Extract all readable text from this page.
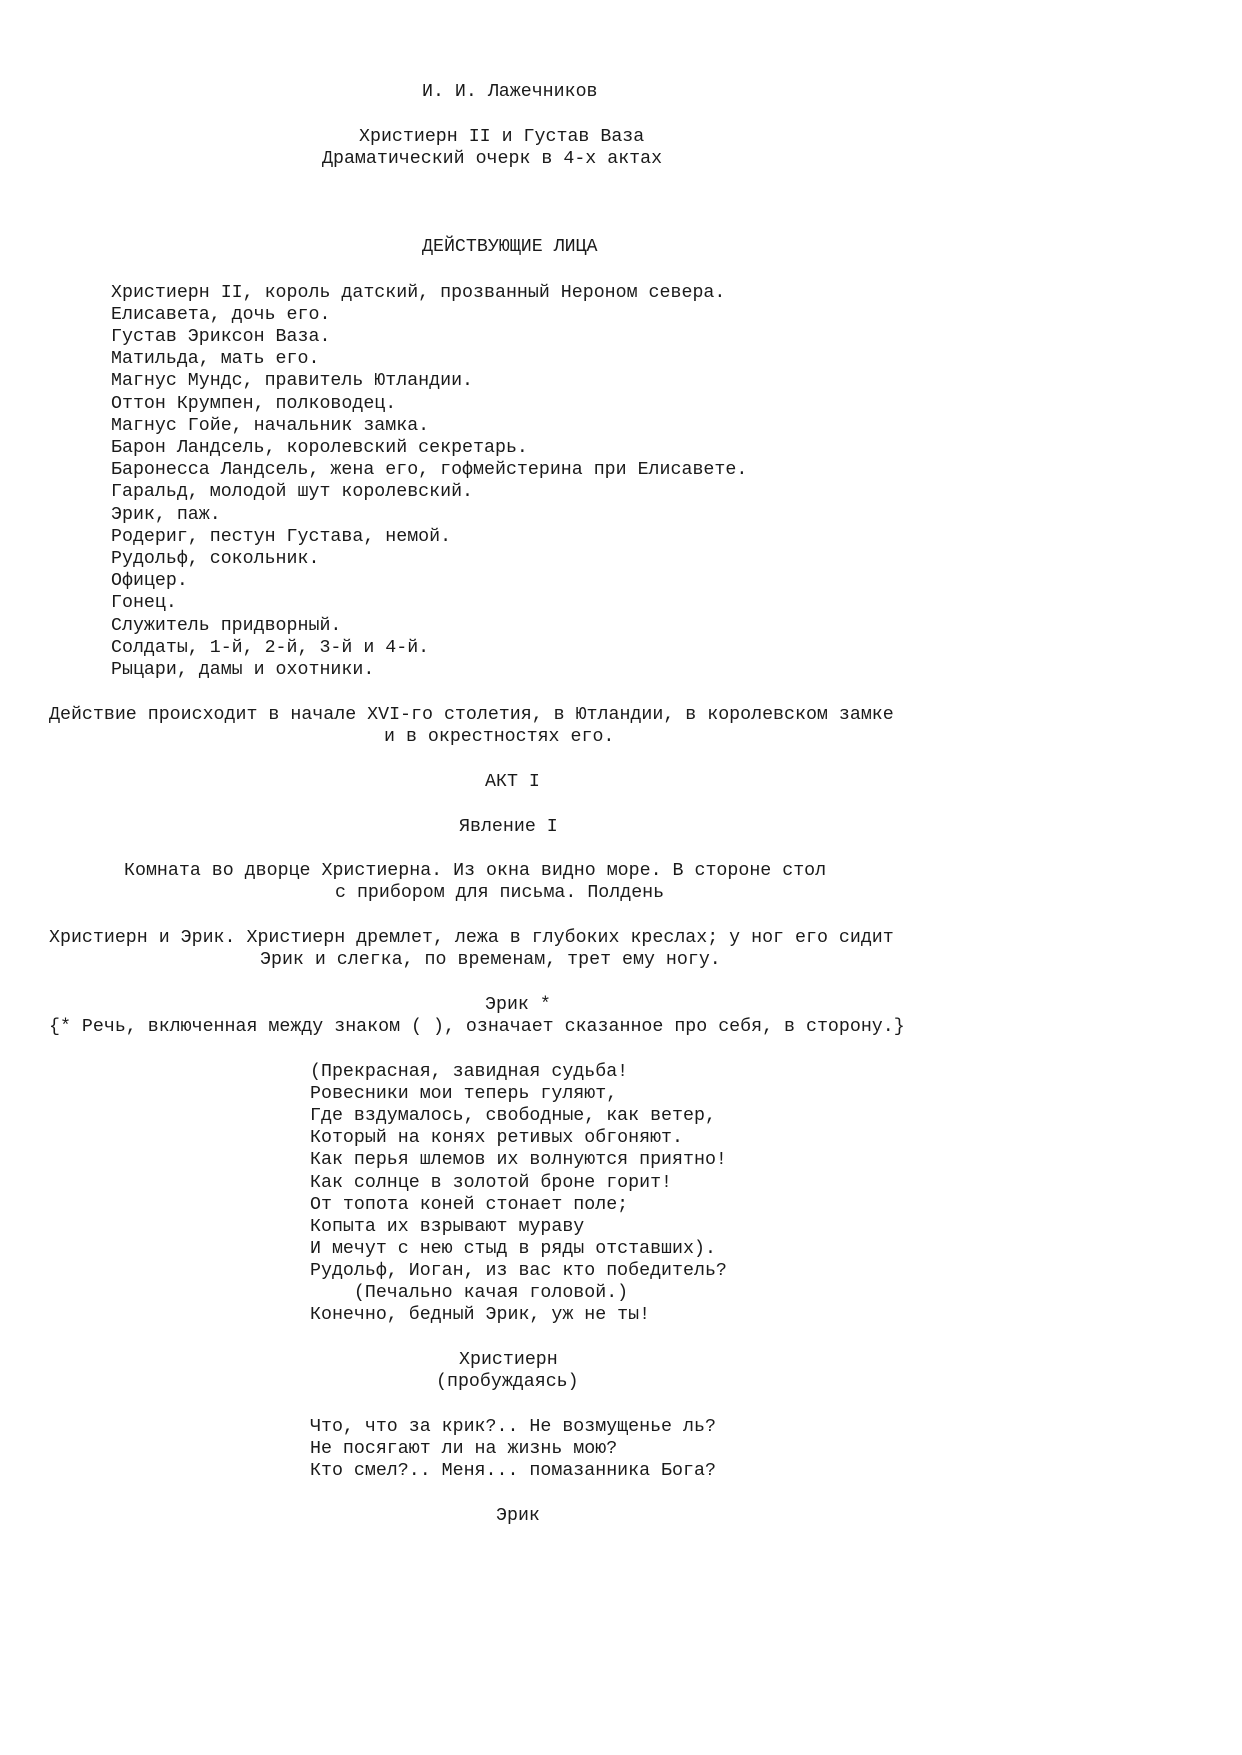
И. И. Лажечников
Христиерн II и Густав Ваза
Драматический очерк в 4-х актах
ДЕЙСТВУЮЩИЕ ЛИЦА
Христиерн II, король датский, прозванный Нероном севера.
Елисавета, дочь его.
Густав Эриксон Ваза.
Матильда, мать его.
Магнус Мундс, правитель Ютландии.
Оттон Крумпен, полководец.
Магнус Гойе, начальник замка.
Барон Ландсель, королевский секретарь.
Баронесса Ландсель, жена его, гофмейстерина при Елисавете.
Гаральд, молодой шут королевский.
Эрик, паж.
Родериг, пестун Густава, немой.
Рудольф, сокольник.
Офицер.
Гонец.
Служитель придворный.
Солдаты, 1-й, 2-й, 3-й и 4-й.
Рыцари, дамы и охотники.
Действие происходит в начале XVI-го столетия, в Ютландии, в королевском замке
и в окрестностях его.
АКТ I
Явление I
Комната во дворце Христиерна. Из окна видно море. В стороне стол
с прибором для письма. Полдень
Христиерн и Эрик. Христиерн дремлет, лежа в глубоких креслах; у ног его сидит
Эрик и слегка, по временам, трет ему ногу.
Эрик *
{* Речь, включенная между знаком ( ), означает сказанное про себя, в сторону.}
(Прекрасная, завидная судьба!
Ровесники мои теперь гуляют,
Где вздумалось, свободные, как ветер,
Который на конях ретивых обгоняют.
Как перья шлемов их волнуются приятно!
Как солнце в золотой броне горит!
От топота коней стонает поле;
Копыта их взрывают мураву
И мечут с нею стыд в ряды отставших).
Рудольф, Иоган, из вас кто победитель?
(Печально качая головой.)
Конечно, бедный Эрик, уж не ты!
Христиерн
(пробуждаясь)
Что, что за крик?.. Не возмущенье ль?
Не посягают ли на жизнь мою?
Кто смел?.. Меня... помазанника Бога?
Эрик
